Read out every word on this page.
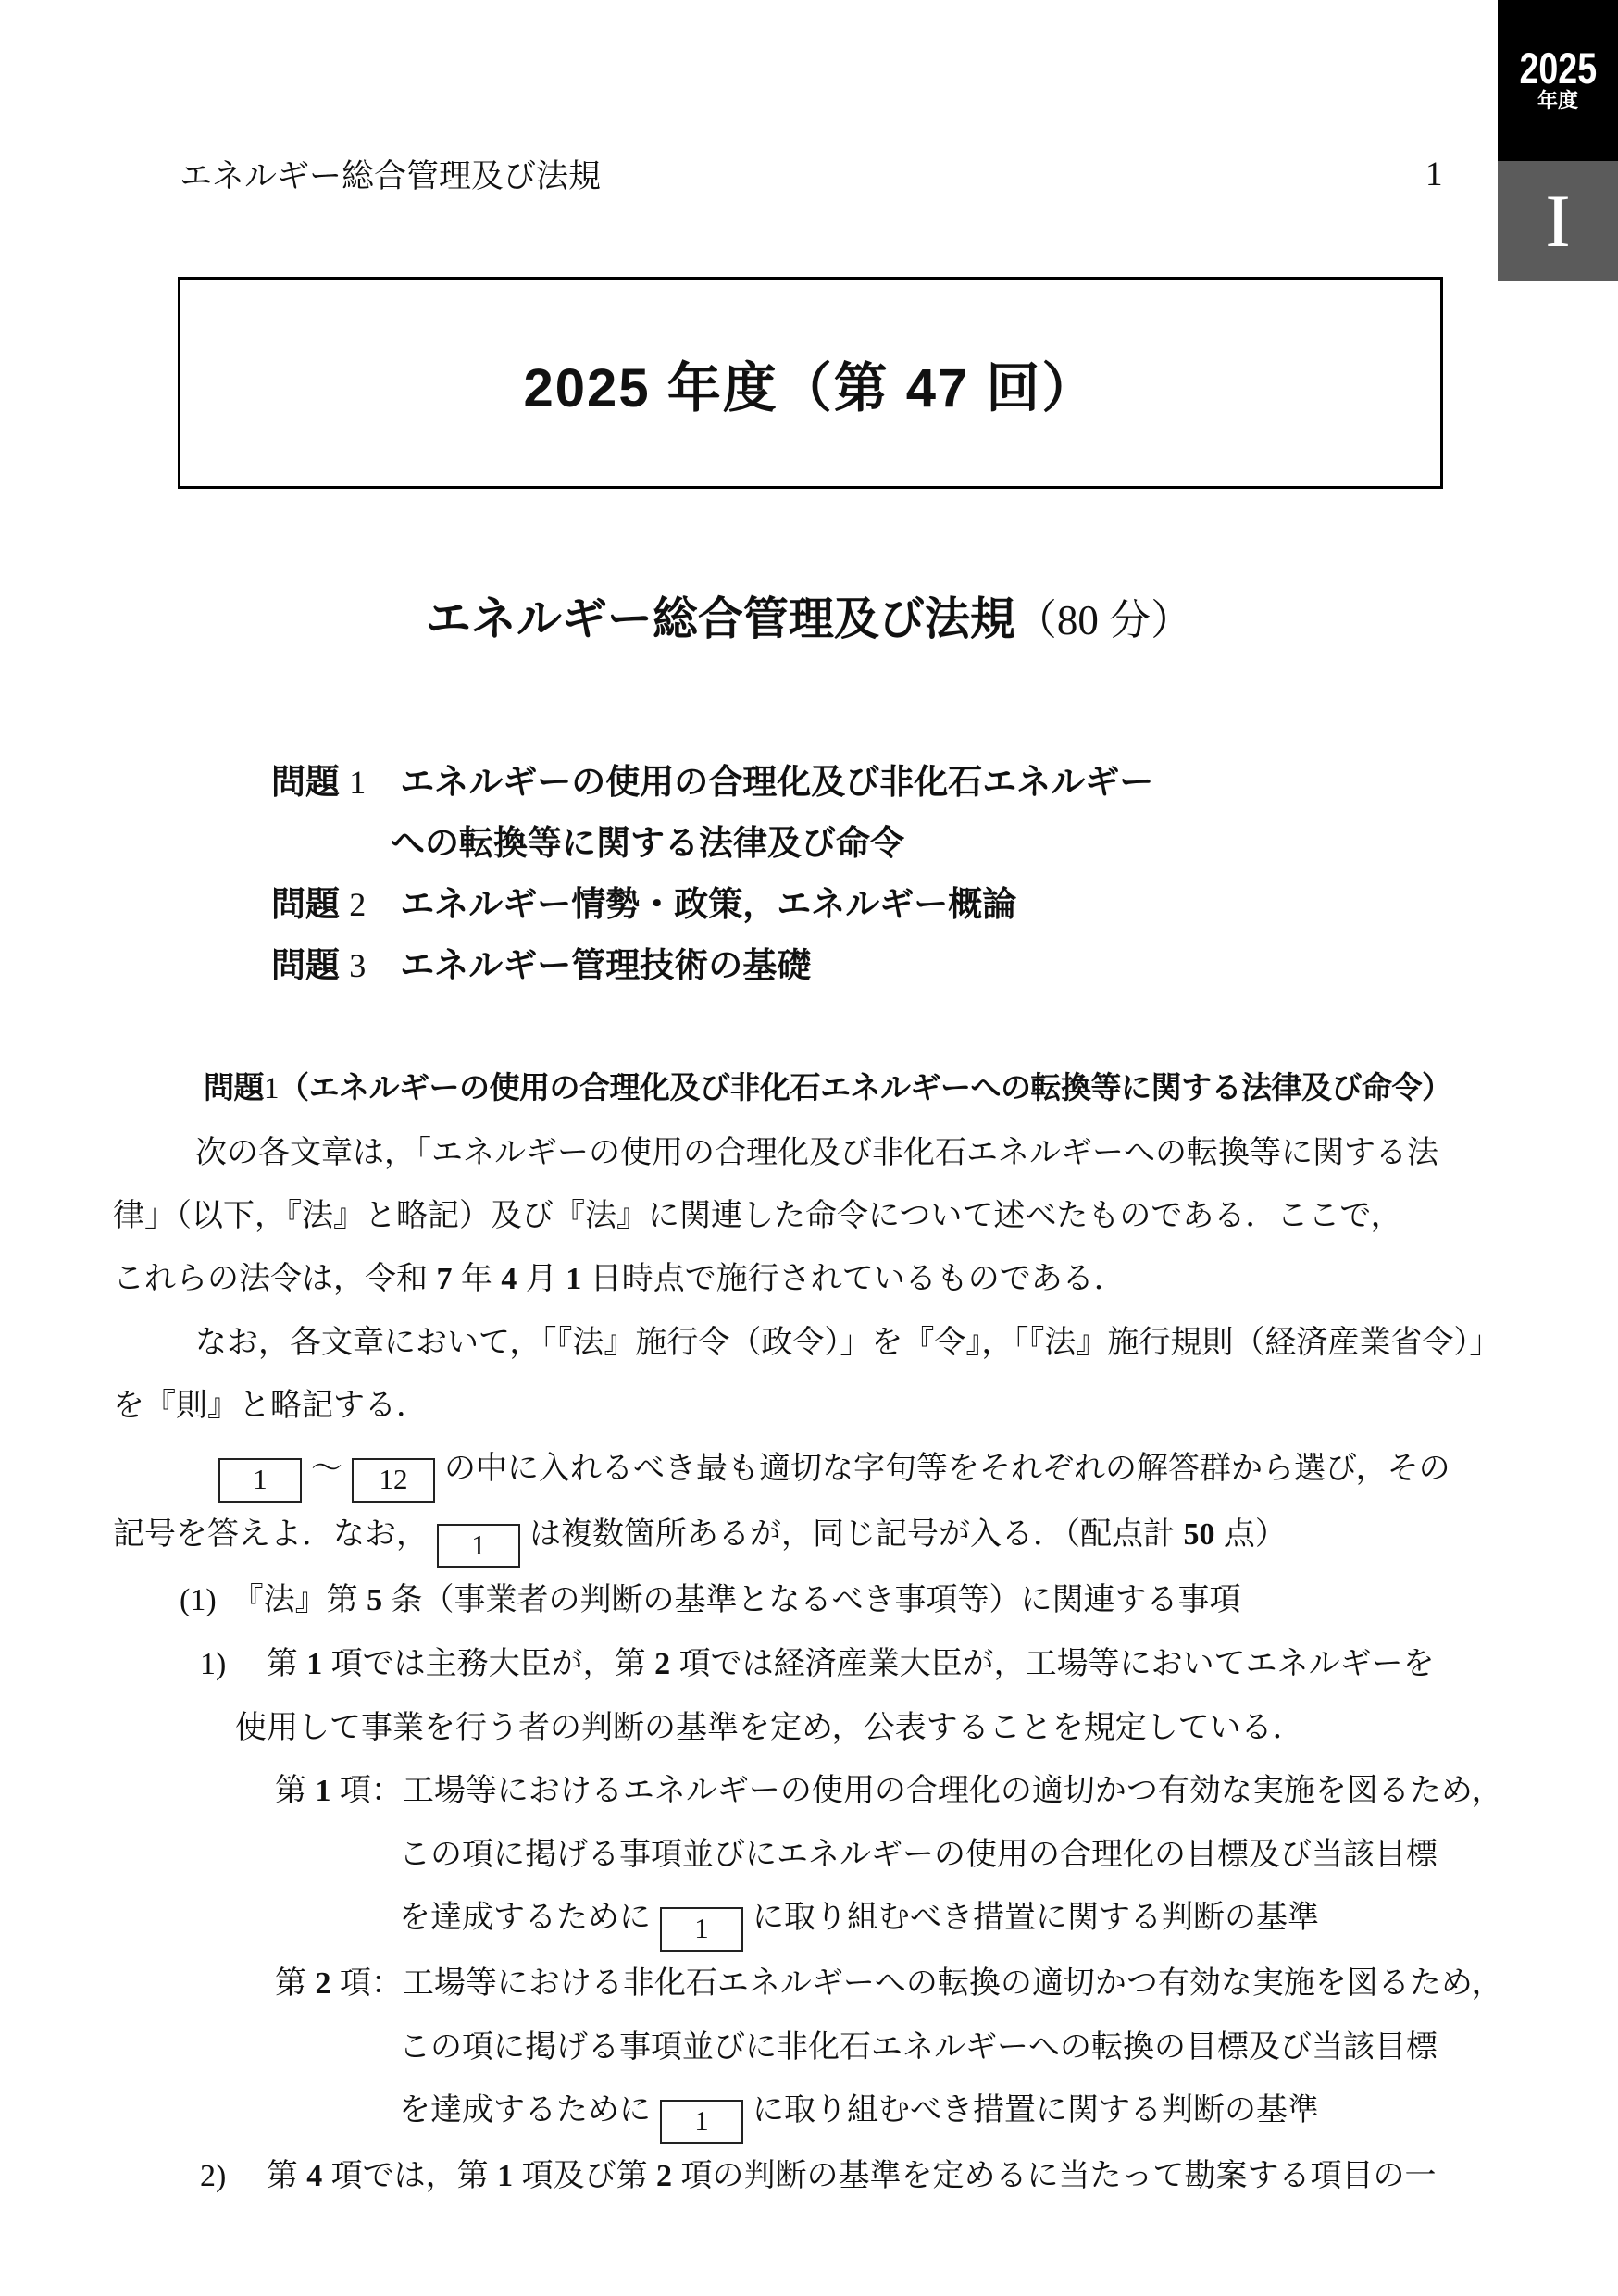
2025
年度
I
エネルギー総合管理及び法規	1
2025 年度（第 47 回）
エネルギー総合管理及び法規（80 分）
問題 1　エネルギーの使用の合理化及び非化石エネルギー
への転換等に関する法律及び命令
問題 2　エネルギー情勢・政策，エネルギー概論
問題 3　エネルギー管理技術の基礎
問題1（エネルギーの使用の合理化及び非化石エネルギーへの転換等に関する法律及び命令）
次の各文章は，「エネルギーの使用の合理化及び非化石エネルギーへの転換等に関する法
律」（以下，『法』と略記）及び『法』に関連した命令について述べたものである．ここで，
これらの法令は，令和 7 年 4 月 1 日時点で施行されているものである．
なお，各文章において，「『法』施行令（政令）」を『令』，「『法』施行規則（経済産業省令）」
を『則』と略記する．
1 ～ 12 の中に入れるべき最も適切な字句等をそれぞれの解答群から選び，その
記号を答えよ．なお， 1 は複数箇所あるが，同じ記号が入る．（配点計 50 点）
(1)　『法』第 5 条（事業者の判断の基準となるべき事項等）に関連する事項
1)　 第 1 項では主務大臣が，第 2 項では経済産業大臣が，工場等においてエネルギーを
使用して事業を行う者の判断の基準を定め，公表することを規定している．
第 1 項：工場等におけるエネルギーの使用の合理化の適切かつ有効な実施を図るため，
この項に掲げる事項並びにエネルギーの使用の合理化の目標及び当該目標
を達成するために 1 に取り組むべき措置に関する判断の基準
第 2 項：工場等における非化石エネルギーへの転換の適切かつ有効な実施を図るため，
この項に掲げる事項並びに非化石エネルギーへの転換の目標及び当該目標
を達成するために 1 に取り組むべき措置に関する判断の基準
2)　 第 4 項では，第 1 項及び第 2 項の判断の基準を定めるに当たって勘案する項目の一
